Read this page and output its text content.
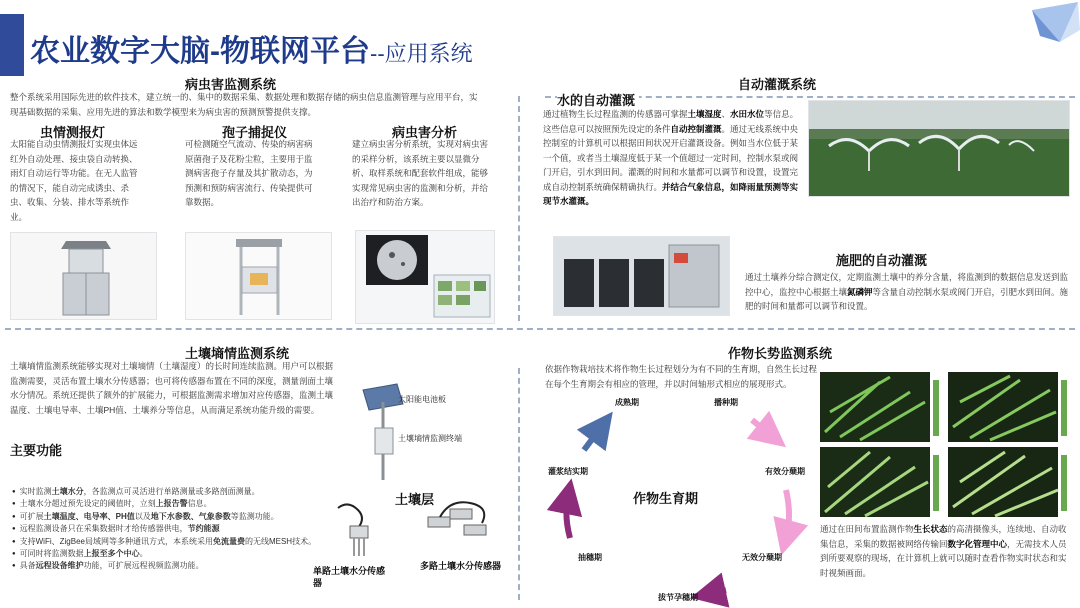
农业数字大脑-物联网平台--应用系统
病虫害监测系统
整个系统采用国际先进的软件技术，建立统一的、集中的数据采集、数据处理和数据存储的病虫信息监测管理与应用平台，实现基础数据的采集、应用先进的算法和数学模型来为病虫害的预测预警提供支撑。
虫情测报灯
太阳能自动虫情测报灯实现虫体远红外自动处理、接虫袋自动转换、雨灯自动运行等功能。在无人监管的情况下，能自动完成诱虫、杀虫、收集、分装、排水等系统作业。
孢子捕捉仪
可检测随空气流动、传染的病害病原菌孢子及花粉尘粒，主要用于监测病害孢子存量及其扩散动态，为预测和预防病害流行、传染提供可靠数据。
病虫害分析
建立病虫害分析系统，实现对病虫害的采样分析，该系统主要以显微分析、取样系统和配套软件组成，能够实现常见病虫害的监测和分析，并给出治疗和防治方案。
自动灌溉系统
水的自动灌溉
通过植物生长过程监测的传感器可掌握土壤湿度、水田水位等信息。这些信息可以按照预先设定的条件自动控制灌溉。通过无线系统中央控制室的计算机可以根据田间状况开启灌溉设备。例如当水位低于某一个值，或者当土壤湿度低于某一个值超过一定时间，控制水泵或阀门开启，引水到田间。灌溉的时间和水量都可以调节和设置，设置完成自动控制系统确保精确执行。并结合气象信息，如降雨量预测等实现节水灌溉。
施肥的自动灌溉
通过土壤养分综合测定仪，定期监测土壤中的养分含量，将监测到的数据信息发送到监控中心，监控中心根据土壤氮磷钾等含量自动控制水泵或阀门开启，引肥水到田间。施肥的时间和量都可以调节和设置。
土壤墒情监测系统
土壤墒情监测系统能够实现对土壤墒情（土壤湿度）的长时间连续监测。用户可以根据监测需要，灵活布置土壤水分传感器；也可将传感器布置在不同的深度，测量剖面土壤水分情况。系统还提供了额外的扩展能力，可根据监测需求增加对应传感器，监测土壤温度、土壤电导率、土壤PH值、土壤养分等信息，从而满足系统功能升级的需要。
主要功能
● 实时监测土壤水分，各监测点可灵活进行单路测量或多路剖面测量。
● 土壤水分超过预先设定的阈值时，立刻上报告警信息。
● 可扩展土壤温度、电导率、PH值以及地下水参数、气象参数等监测功能。
● 远程监测设备只在采集数据时才给传感器供电，节约能源
● 支持WiFi、ZigBee局域网等多种通讯方式，本系统采用免流量费的无线MESH技术。
● 可同时将监测数据上报至多个中心。
● 具备远程设备维护功能，可扩展远程视频监测功能。
太阳能电池板
土壤墒情监测终端
土壤层
单路土壤水分传感器
多路土壤水分传感器
作物长势监测系统
依据作物栽培技术将作物生长过程划分为有不同的生育期，自然生长过程在每个生育期会有相应的管理，并以时间轴形式相应的展现形式。
作物生育期
播种期
有效分蘖期
无效分蘖期
拔节孕穗期
抽穗期
灌浆结实期
成熟期
通过在田间布置监测作物生长状态的高清摄像头，连续地、自动收集信息，采集的数据被网络传输回数字化管理中心，无需技术人员到所要观察的现场，在计算机上就可以随时查看作物实时状态和实时视频画面。
